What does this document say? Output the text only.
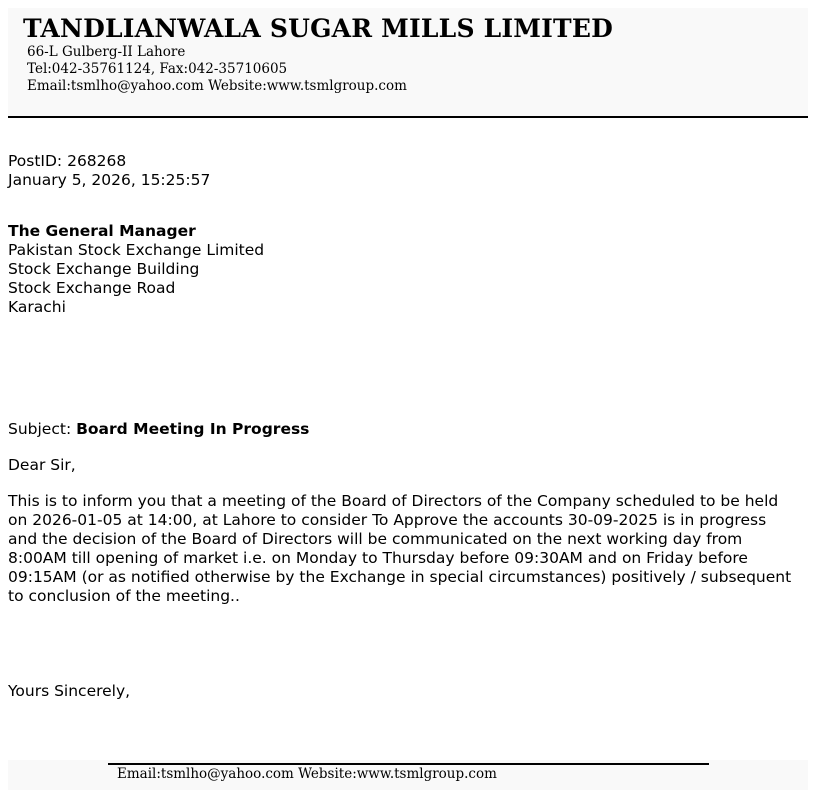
TANDLIANWALA SUGAR MILLS LIMITED
66-L Gulberg-II Lahore
Tel:042-35761124, Fax:042-35710605
Email:tsmlho@yahoo.com Website:www.tsmlgroup.com
PostID: 268268
January 5, 2026, 15:25:57
The General Manager
Pakistan Stock Exchange Limited
Stock Exchange Building
Stock Exchange Road
Karachi
Subject: Board Meeting In Progress
Dear Sir,

This is to inform you that a meeting of the Board of Directors of the Company scheduled to be held on 2026-01-05 at 14:00, at Lahore to consider To Approve the accounts 30-09-2025 is in progress and the decision of the Board of Directors will be communicated on the next working day from 8:00AM till opening of market i.e. on Monday to Thursday before 09:30AM and on Friday before 09:15AM (or as notified otherwise by the Exchange in special circumstances) positively / subsequent to conclusion of the meeting..

Yours Sincerely,
Email:tsmlho@yahoo.com Website:www.tsmlgroup.com
